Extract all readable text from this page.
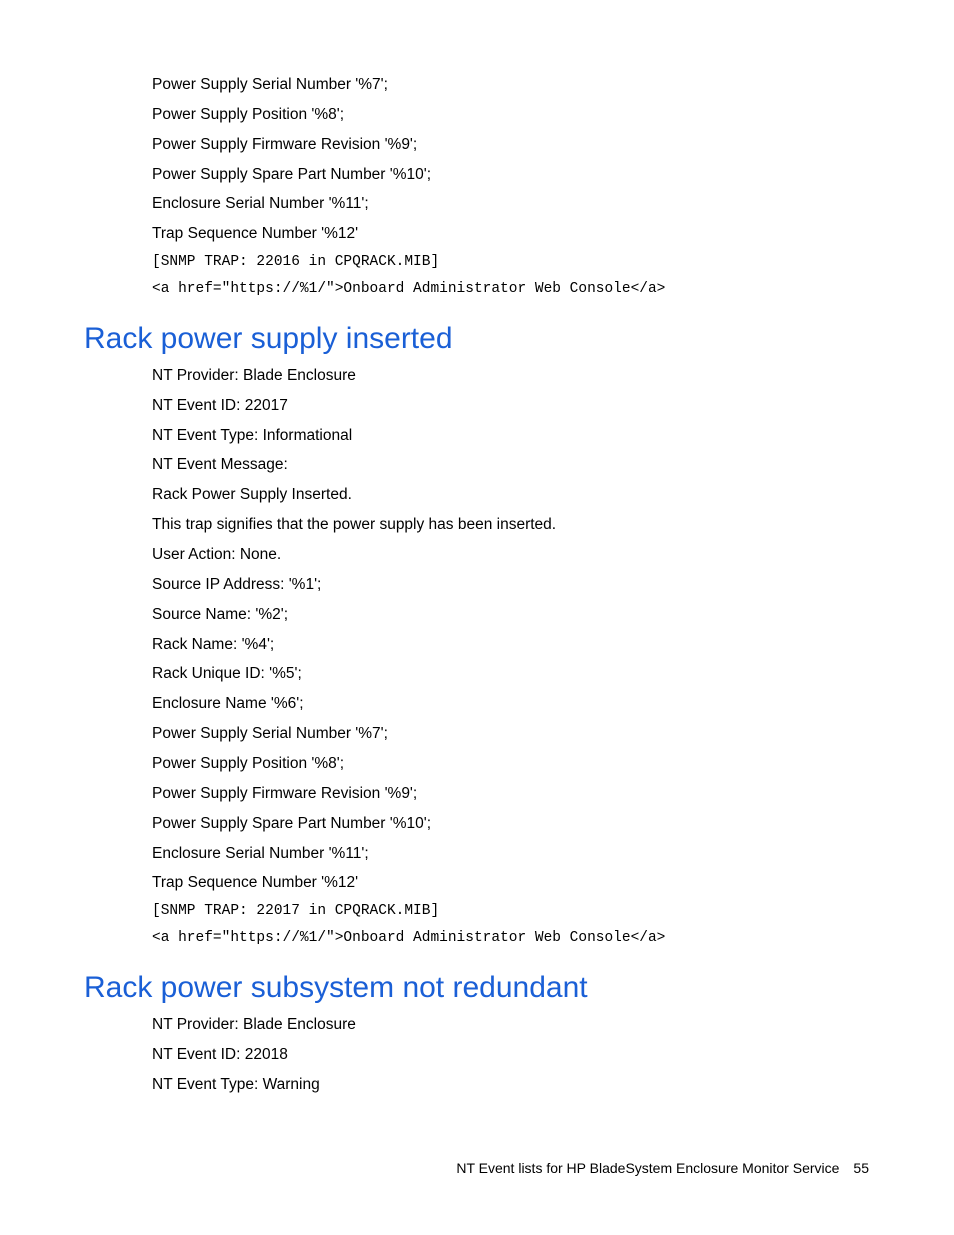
Power Supply Serial Number '%7';
Power Supply Position '%8';
Power Supply Firmware Revision '%9';
Power Supply Spare Part Number '%10';
Enclosure Serial Number '%11';
Trap Sequence Number '%12'
[SNMP TRAP: 22016 in CPQRACK.MIB]
<a href="https://%1/">Onboard Administrator Web Console</a>
Rack power supply inserted
NT Provider: Blade Enclosure
NT Event ID: 22017
NT Event Type: Informational
NT Event Message:
Rack Power Supply Inserted.
This trap signifies that the power supply has been inserted.
User Action: None.
Source IP Address: '%1';
Source Name: '%2';
Rack Name: '%4';
Rack Unique ID: '%5';
Enclosure Name '%6';
Power Supply Serial Number '%7';
Power Supply Position '%8';
Power Supply Firmware Revision '%9';
Power Supply Spare Part Number '%10';
Enclosure Serial Number '%11';
Trap Sequence Number '%12'
[SNMP TRAP: 22017 in CPQRACK.MIB]
<a href="https://%1/">Onboard Administrator Web Console</a>
Rack power subsystem not redundant
NT Provider: Blade Enclosure
NT Event ID: 22018
NT Event Type: Warning
NT Event lists for HP BladeSystem Enclosure Monitor Service 55
